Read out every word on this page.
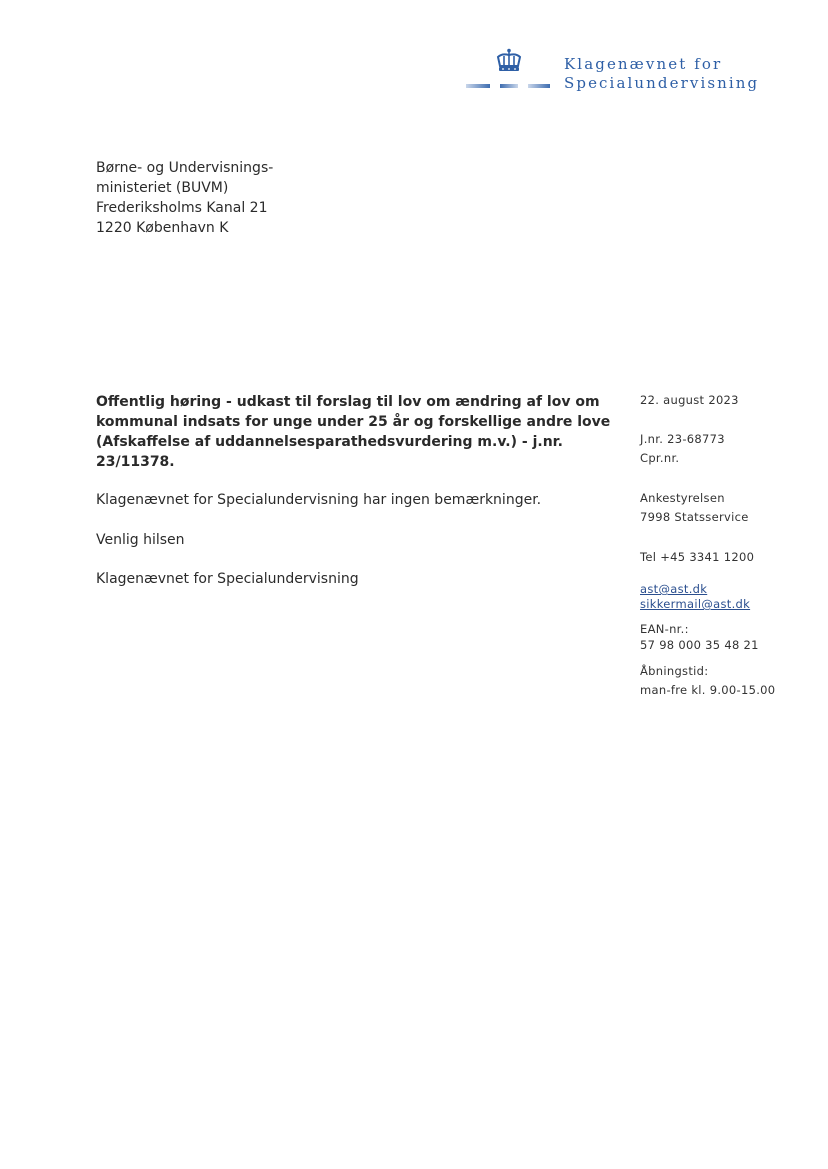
Klagenævnet for
Specialundervisning
Børne- og Undervisnings-
ministeriet (BUVM)
Frederiksholms Kanal 21
1220 København K
Offentlig høring - udkast til forslag til lov om ændring af lov om
kommunal indsats for unge under 25 år og forskellige andre love
(Afskaffelse af uddannelsesparathedsvurdering m.v.) - j.nr.
23/11378.
Klagenævnet for Specialundervisning har ingen bemærkninger.
Venlig hilsen
Klagenævnet for Specialundervisning
22. august 2023
J.nr. 23-68773
Cpr.nr.
Ankestyrelsen
7998 Statsservice
Tel +45 3341 1200
ast@ast.dk
sikkermail@ast.dk
EAN-nr.:
57 98 000 35 48 21
Åbningstid:
man-fre kl. 9.00-15.00
